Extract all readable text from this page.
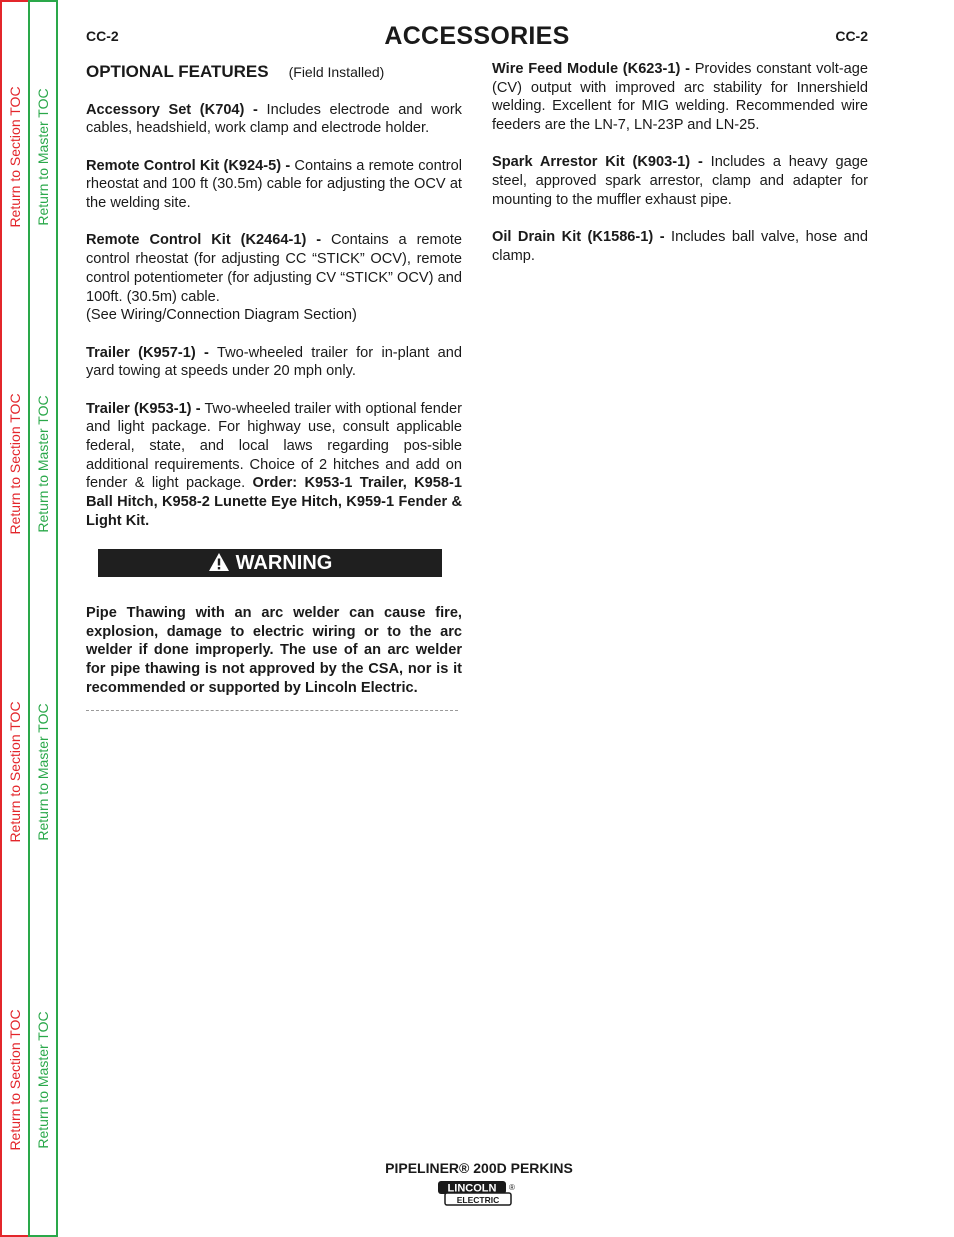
Return to Section TOC
Return to Section TOC
Return to Section TOC
Return to Section TOC
Return to Master TOC
Return to Master TOC
Return to Master TOC
Return to Master TOC
CC-2	ACCESSORIES	CC-2
OPTIONAL FEATURES (Field Installed)

Accessory Set (K704) - Includes electrode and work cables, headshield, work clamp and electrode holder.

Remote Control Kit (K924-5) - Contains a remote control rheostat and 100 ft (30.5m) cable for adjusting the OCV at the welding site.

Remote Control Kit (K2464-1) - Contains a remote control rheostat (for adjusting CC “STICK” OCV), remote control potentiometer (for adjusting CV “STICK” OCV) and 100ft. (30.5m) cable.
(See Wiring/Connection Diagram Section)

Trailer (K957-1) - Two-wheeled trailer for in-plant and yard towing at speeds under 20 mph only.

Trailer (K953-1) - Two-wheeled trailer with optional fender and light package. For highway use, consult applicable federal, state, and local laws regarding pos-sible additional requirements. Choice of 2 hitches and add on fender & light package. Order: K953-1 Trailer, K958-1 Ball Hitch, K958-2 Lunette Eye Hitch, K959-1 Fender & Light Kit.

WARNING
Pipe Thawing with an arc welder can cause fire, explosion, damage to electric wiring or to the arc welder if done improperly. The use of an arc welder for pipe thawing is not approved by the CSA, nor is it recommended or supported by Lincoln Electric.

Wire Feed Module (K623-1) - Provides constant volt-age (CV) output with improved arc stability for Innershield welding. Excellent for MIG welding. Recommended wire feeders are the LN-7, LN-23P and LN-25.

Spark Arrestor Kit (K903-1) - Includes a heavy gage steel, approved spark arrestor, clamp and adapter for mounting to the muffler exhaust pipe.

Oil Drain Kit (K1586-1) - Includes ball valve, hose and clamp.

PIPELINER® 200D PERKINS
LINCOLN
ELECTRIC
®
